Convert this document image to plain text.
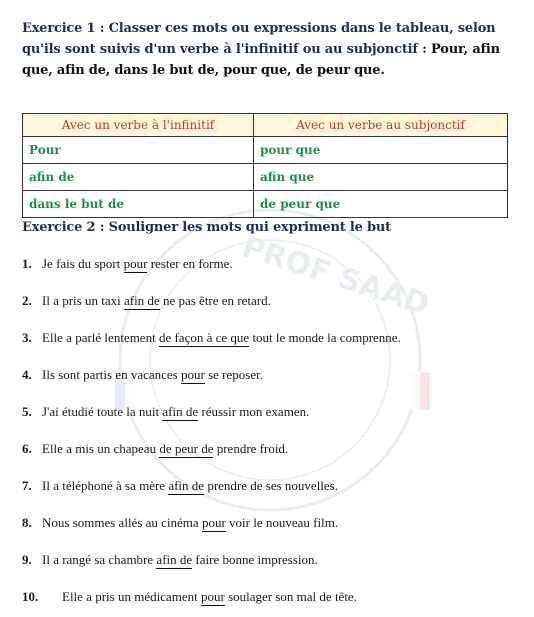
PROF SAAD
Exercice 1 : Classer ces mots ou expressions dans le tableau, selon qu'ils sont suivis d'un verbe à l'infinitif ou au subjonctif : Pour, afin que, afin de, dans le but de, pour que, de peur que.
Avec un verbe à l'infinitif	Avec un verbe au subjonctif
Pour	pour que
afin de	afin que
dans le but de	de peur que
Exercice 2 : Souligner les mots qui expriment le but
1. Je fais du sport pour rester en forme.
2. Il a pris un taxi afin de ne pas être en retard.
3. Elle a parlé lentement de façon à ce que tout le monde la comprenne.
4. Ils sont partis en vacances pour se reposer.
5. J'ai étudié toute la nuit afin de réussir mon examen.
6. Elle a mis un chapeau de peur de prendre froid.
7. Il a téléphoné à sa mère afin de prendre de ses nouvelles.
8. Nous sommes allés au cinéma pour voir le nouveau film.
9. Il a rangé sa chambre afin de faire bonne impression.
10.	Elle a pris un médicament pour soulager son mal de tête.
